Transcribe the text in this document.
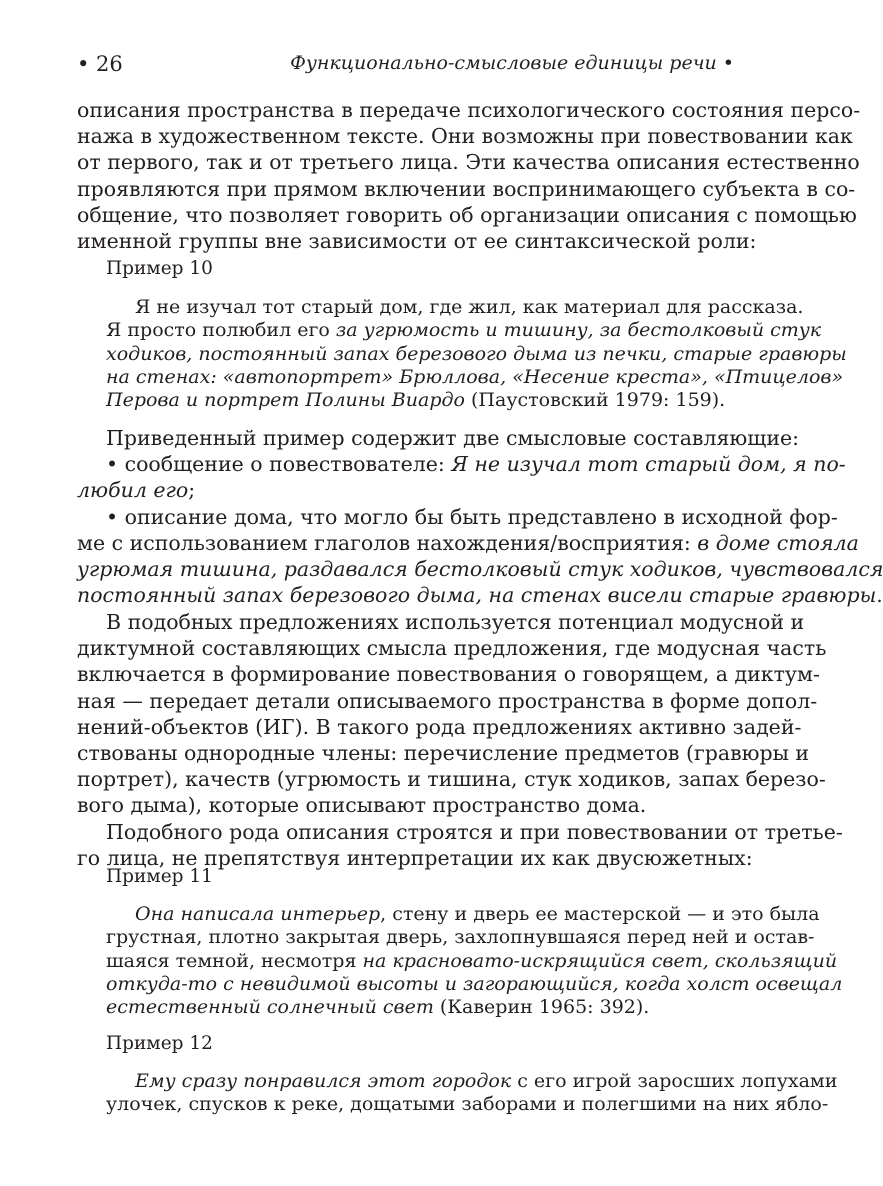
• 26	Функционально-смысловые единицы речи •
описания пространства в передаче психологического состояния персо-
нажа в художественном тексте. Они возможны при повествовании как
от первого, так и от третьего лица. Эти качества описания естественно
проявляются при прямом включении воспринимающего субъекта в со-
общение, что позволяет говорить об организации описания с помощью
именной группы вне зависимости от ее синтаксической роли:
Пример 10
Я не изучал тот старый дом, где жил, как материал для рассказа.
Я просто полюбил его за угрюмость и тишину, за бестолковый стук
ходиков, постоянный запах березового дыма из печки, старые гравюры
на стенах: «автопортрет» Брюллова, «Несение креста», «Птицелов»
Перова и портрет Полины Виардо (Паустовский 1979: 159).
Приведенный пример содержит две смысловые составляющие:
• сообщение о повествователе: Я не изучал тот старый дом, я по-
любил его;
• описание дома, что могло бы быть представлено в исходной фор-
ме с использованием глаголов нахождения/восприятия: в доме стояла
угрюмая тишина, раздавался бестолковый стук ходиков, чувствовался
постоянный запах березового дыма, на стенах висели старые гравюры.
В подобных предложениях используется потенциал модусной и
диктумной составляющих смысла предложения, где модусная часть
включается в формирование повествования о говорящем, а диктум-
ная — передает детали описываемого пространства в форме допол-
нений-объектов (ИГ). В такого рода предложениях активно задей-
ствованы однородные члены: перечисление предметов (гравюры и
портрет), качеств (угрюмость и тишина, стук ходиков, запах березо-
вого дыма), которые описывают пространство дома.
Подобного рода описания строятся и при повествовании от третье-
го лица, не препятствуя интерпретации их как двусюжетных:
Пример 11
Она написала интерьер, стену и дверь ее мастерской — и это была
грустная, плотно закрытая дверь, захлопнувшаяся перед ней и остав-
шаяся темной, несмотря на красновато-искрящийся свет, скользящий
откуда-то с невидимой высоты и загорающийся, когда холст освещал
естественный солнечный свет (Каверин 1965: 392).
Пример 12
Ему сразу понравился этот городок с его игрой заросших лопухами
улочек, спусков к реке, дощатыми заборами и полегшими на них ябло-
